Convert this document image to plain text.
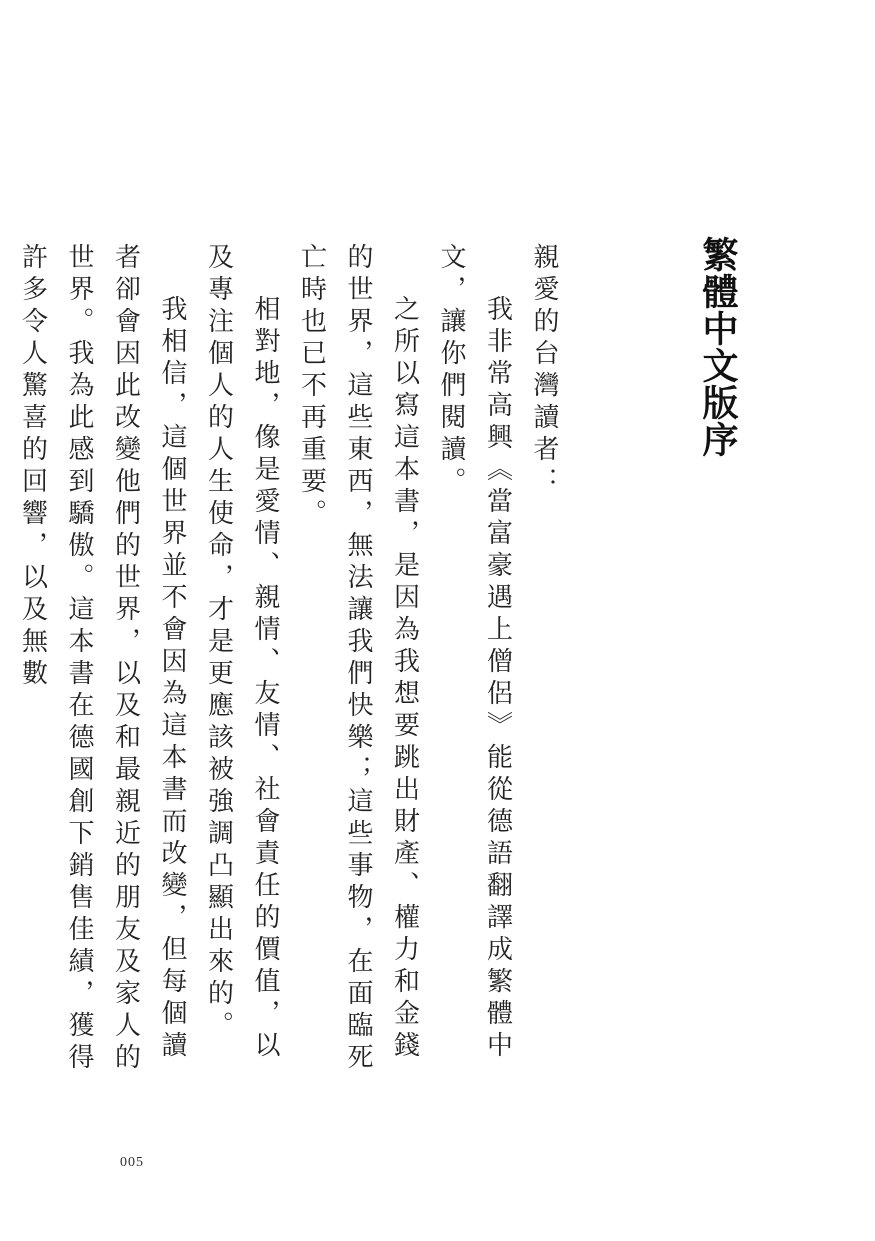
繁體中文版序

親愛的台灣讀者：

我非常高興《當富豪遇上僧侶》能從德語翻譯成繁體中文，讓你們閱讀。

之所以寫這本書，是因為我想要跳出財產、權力和金錢的世界，這些東西，無法讓我們快樂；這些事物，在面臨死亡時也已不再重要。

相對地，像是愛情、親情、友情、社會責任的價值，以及專注個人的人生使命，才是更應該被強調凸顯出來的。

我相信，這個世界並不會因為這本書而改變，但每個讀者卻會因此改變他們的世界，以及和最親近的朋友及家人的世界。我為此感到驕傲。這本書在德國創下銷售佳績，獲得許多令人驚喜的回響，以及無數

005
